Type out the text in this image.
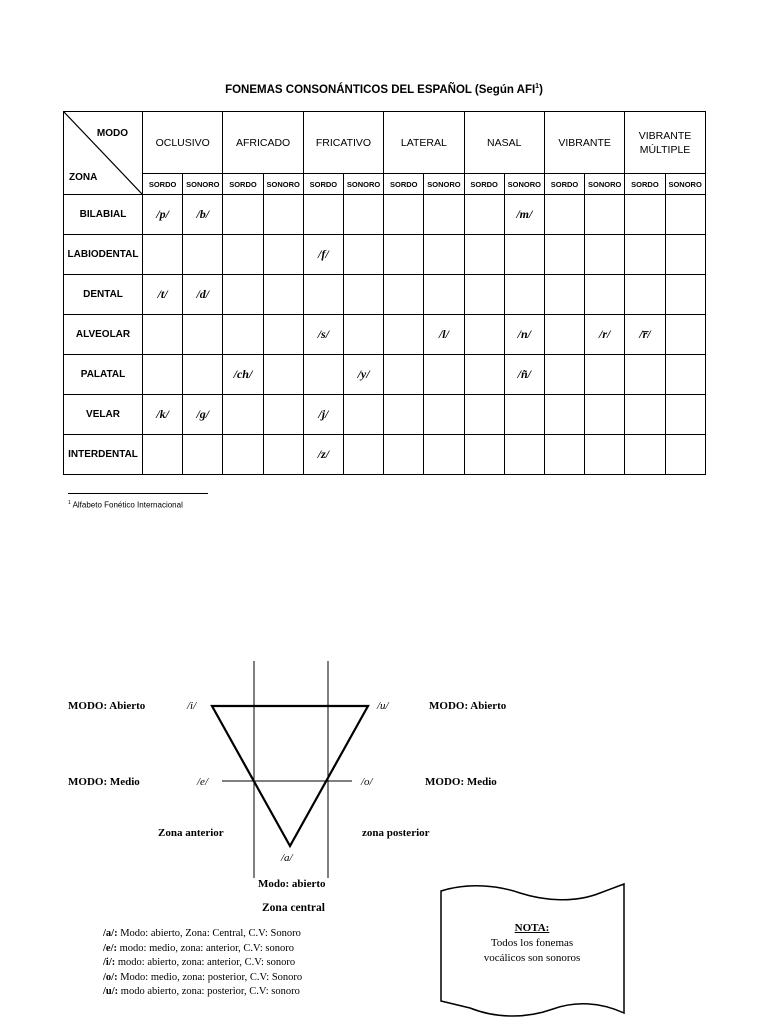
FONEMAS CONSONÁNTICOS DEL ESPAÑOL (Según AFI$^1$)
MODO
ZONA	OCLUSIVO		AFRICADO		FRICATIVO		LATERAL		NASAL		VIBRANTE		VIBRANTE MÚLTIPLE	
	SORDO	SONORO	SORDO	SONORO	SORDO	SONORO	SORDO	SONORO	SORDO	SONORO	SORDO	SONORO	SORDO	SONORO
BILABIAL	/p/	/b/								/m/				
LABIODENTAL					/f/									
DENTAL	/t/	/d/												
ALVEOLAR					/s/			/l/		/n/		/r/	/r̅/	
PALATAL			/ch/			/y/				/ñ/				
VELAR	/k/	/g/			/j/									
INTERDENTAL					/z/									
$^1$ Alfabeto Fonético Internacional
MODO: Abierto	/i/	/u/	MODO: Abierto
MODO: Medio	/e/	/o/	MODO: Medio
Zona anterior	zona posterior
/a/
Modo: abierto
Zona central
/a/: Modo: abierto, Zona: Central, C.V: Sonoro
/e/: modo: medio, zona: anterior, C.V: sonoro
/i/: modo: abierto, zona: anterior, C.V: sonoro
/o/: Modo: medio, zona: posterior, C.V: Sonoro
/u/: modo abierto, zona: posterior, C.V: sonoro
NOTA:
Todos los fonemas
vocálicos son sonoros
